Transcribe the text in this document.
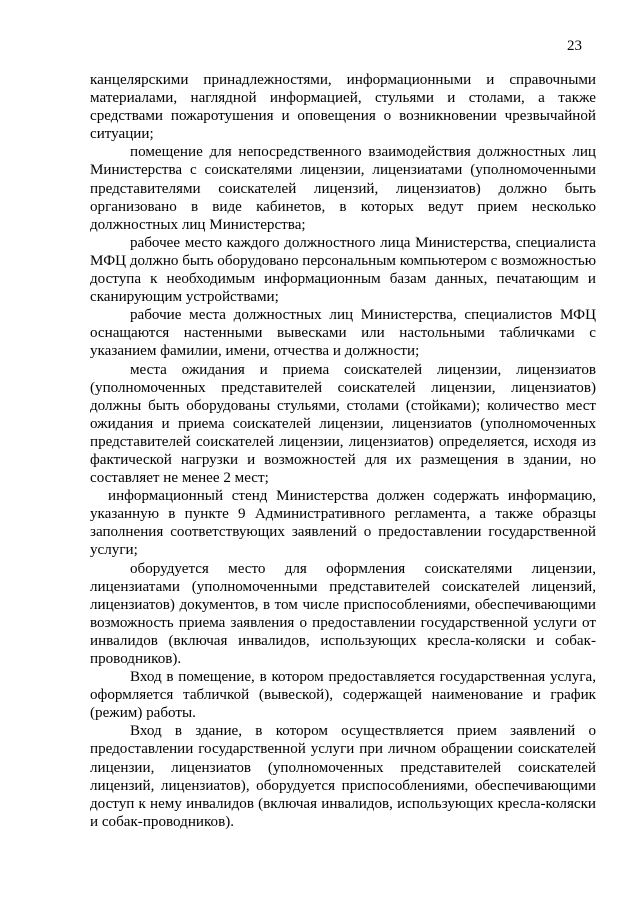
23

канцелярскими принадлежностями, информационными и справочными материалами, наглядной информацией, стульями и столами, а также средствами пожаротушения и оповещения о возникновении чрезвычайной ситуации;

помещение для непосредственного взаимодействия должностных лиц Министерства с соискателями лицензии, лицензиатами (уполномоченными представителями соискателей лицензий, лицензиатов) должно быть организовано в виде кабинетов, в которых ведут прием несколько должностных лиц Министерства;

рабочее место каждого должностного лица Министерства, специалиста МФЦ должно быть оборудовано персональным компьютером с возможностью доступа к необходимым информационным базам данных, печатающим и сканирующим устройствами;

рабочие места должностных лиц Министерства, специалистов МФЦ оснащаются настенными вывесками или настольными табличками с указанием фамилии, имени, отчества и должности;

места ожидания и приема соискателей лицензии, лицензиатов (уполномоченных представителей соискателей лицензии, лицензиатов) должны быть оборудованы стульями, столами (стойками); количество мест ожидания и приема соискателей лицензии, лицензиатов (уполномоченных представителей соискателей лицензии, лицензиатов) определяется, исходя из фактической нагрузки и возможностей для их размещения в здании, но составляет не менее 2 мест;

информационный стенд Министерства должен содержать информацию, указанную в пункте 9 Административного регламента, а также образцы заполнения соответствующих заявлений о предоставлении государственной услуги;

оборудуется место для оформления соискателями лицензии, лицензиатами (уполномоченными представителей соискателей лицензий, лицензиатов) документов, в том числе приспособлениями, обеспечивающими возможность приема заявления о предоставлении государственной услуги от инвалидов (включая инвалидов, использующих кресла-коляски и собак-проводников).

Вход в помещение, в котором предоставляется государственная услуга, оформляется табличкой (вывеской), содержащей наименование и график (режим) работы.

Вход в здание, в котором осуществляется прием заявлений о предоставлении государственной услуги при личном обращении соискателей лицензии, лицензиатов (уполномоченных представителей соискателей лицензий, лицензиатов), оборудуется приспособлениями, обеспечивающими доступ к нему инвалидов (включая инвалидов, использующих кресла-коляски и собак-проводников).
